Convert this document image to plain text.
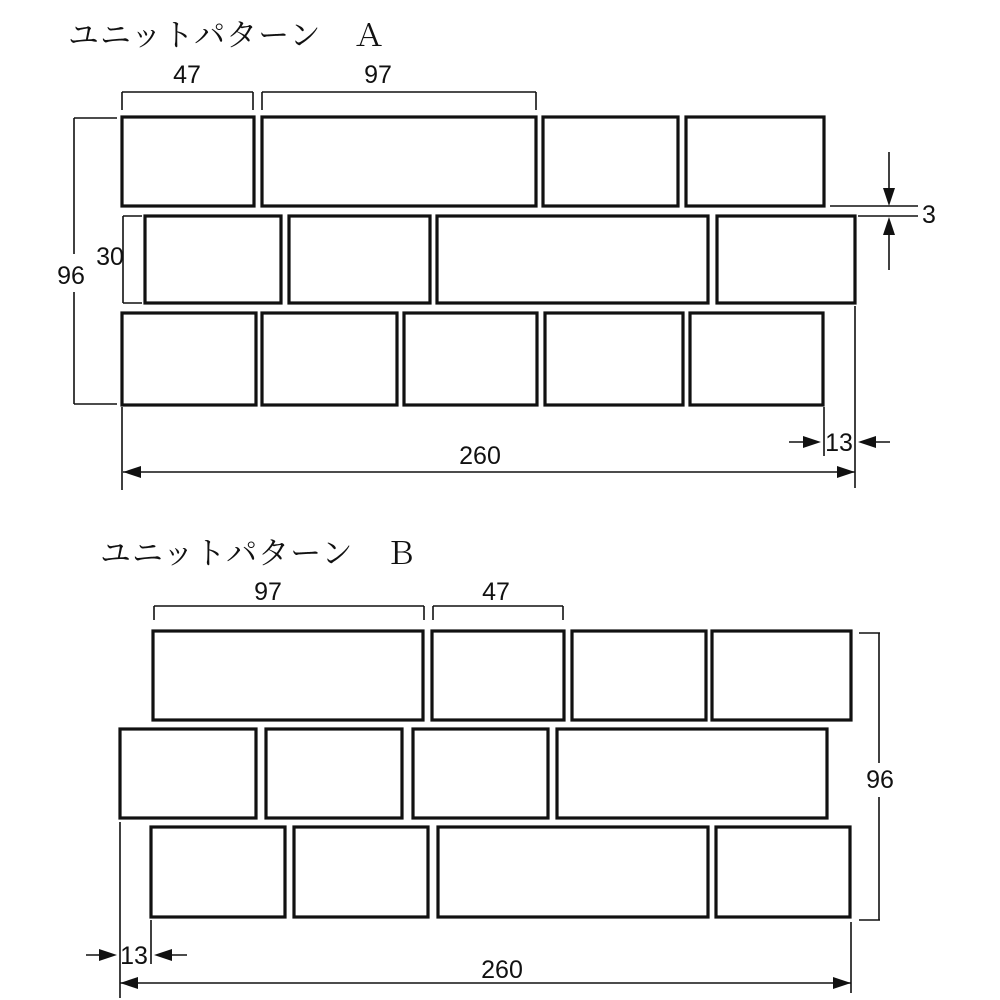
ユニットパターン　Ａ
47	97
96
30
3
13
260
ユニットパターン　Ｂ
97	47
96
13	260
